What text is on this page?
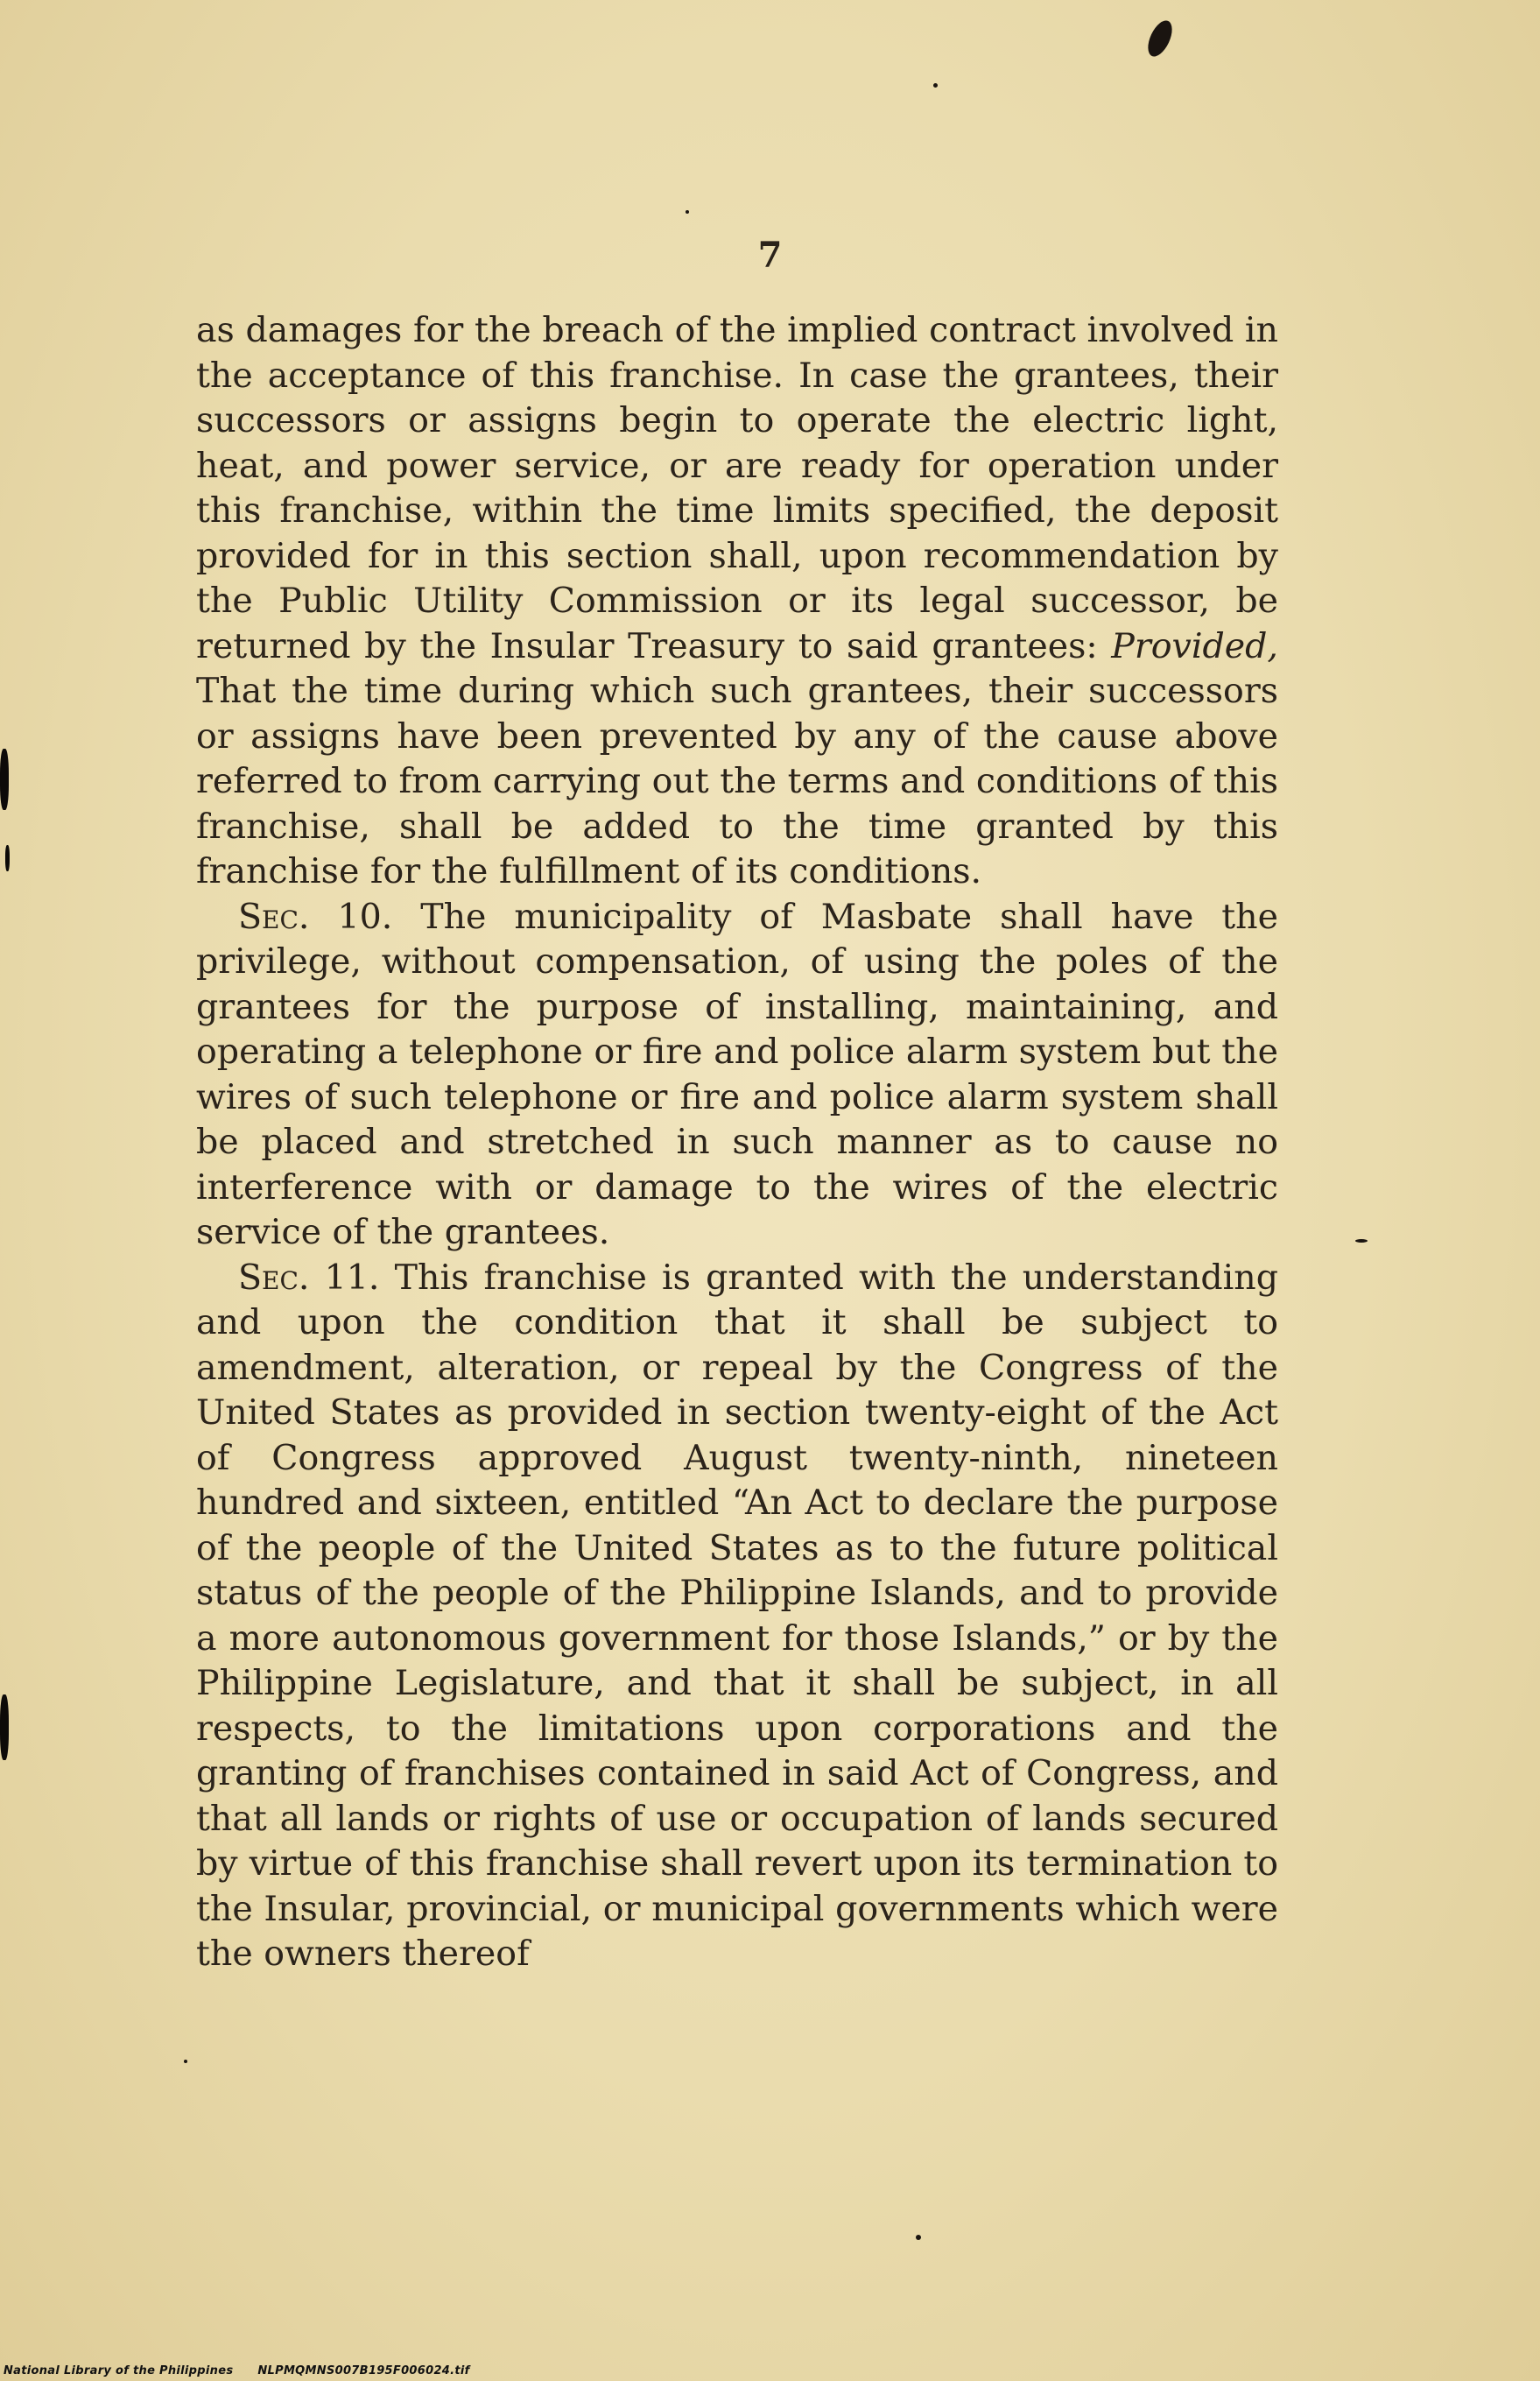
7

as damages for the breach of the implied contract involved in the acceptance of this franchise. In case the grantees, their successors or assigns begin to operate the electric light, heat, and power service, or are ready for operation under this franchise, within the time limits specified, the deposit provided for in this section shall, upon recommendation by the Public Utility Commission or its legal successor, be returned by the Insular Treasury to said grantees: Provided, That the time during which such grantees, their successors or assigns have been prevented by any of the cause above referred to from carrying out the terms and conditions of this franchise, shall be added to the time granted by this franchise for the fulfillment of its conditions.

Sec. 10. The municipality of Masbate shall have the privilege, without compensation, of using the poles of the grantees for the purpose of installing, maintaining, and operating a telephone or fire and police alarm system but the wires of such telephone or fire and police alarm system shall be placed and stretched in such manner as to cause no interference with or damage to the wires of the electric service of the grantees.

Sec. 11. This franchise is granted with the understanding and upon the condition that it shall be subject to amendment, alteration, or repeal by the Congress of the United States as provided in section twenty-eight of the Act of Congress approved August twenty-ninth, nineteen hundred and sixteen, entitled “An Act to declare the purpose of the people of the United States as to the future political status of the people of the Philippine Islands, and to provide a more autonomous government for those Islands,” or by the Philippine Legislature, and that it shall be subject, in all respects, to the limitations upon corporations and the granting of franchises contained in said Act of Congress, and that all lands or rights of use or occupation of lands secured by virtue of this franchise shall revert upon its termination to the Insular, provincial, or municipal governments which were the owners thereof

National Library of the Philippines NLPMQMNS007B195F006024.tif
